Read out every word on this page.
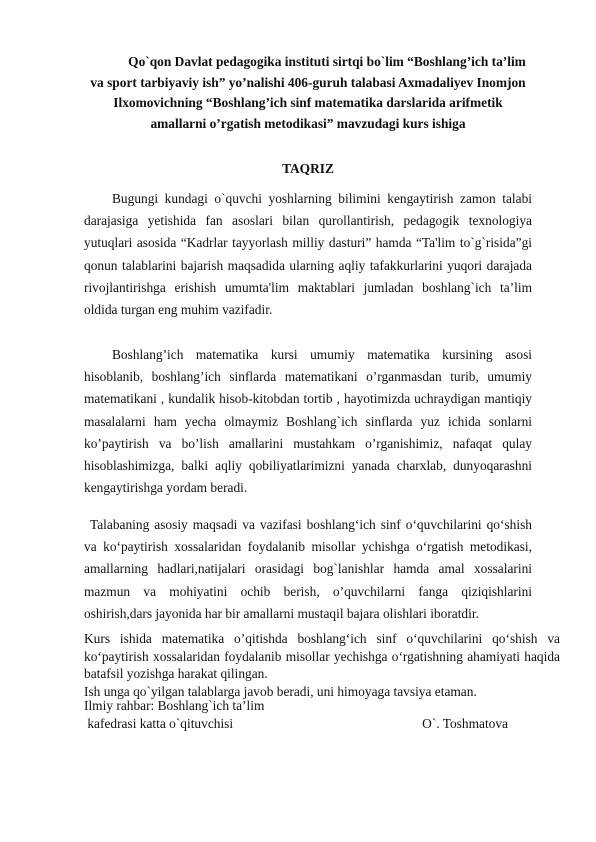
Qo`qon Davlat pedagogika instituti sirtqi bo`lim “Boshlang’ich ta’lim
va sport tarbiyaviy ish” yo’nalishi 406-guruh talabasi Axmadaliyev Inomjon
Ilxomovichning “Boshlang’ich sinf matematika darslarida arifmetik
amallarni o’rgatish metodikasi” mavzudagi kurs ishiga
TAQRIZ
Bugungi kundagi o`quvchi yoshlarning bilimini kengaytirish zamon talabi
darajasiga yetishida fan asoslari bilan qurollantirish, pedagogik texnologiya
yutuqlari asosida “Kadrlar tayyorlash milliy dasturi” hamda “Ta'lim to`g`risida”gi
qonun talablarini bajarish maqsadida ularning aqliy tafakkurlarini yuqori darajada
rivojlantirishga erishish umumta'lim maktablari jumladan boshlang`ich ta’lim
oldida turgan eng muhim vazifadir.
Boshlang’ich matematika kursi umumiy matematika kursining asosi
hisoblanib, boshlang’ich sinflarda matematikani o’rganmasdan turib, umumiy
matematikani , kundalik hisob-kitobdan tortib , hayotimizda uchraydigan mantiqiy
masalalarni ham yecha olmaymiz Boshlang`ich sinflarda yuz ichida sonlarni
ko’paytirish va bo’lish amallarini mustahkam o’rganishimiz, nafaqat qulay
hisoblashimizga, balki aqliy qobiliyatlarimizni yanada charxlab, dunyoqarashni
kengaytirishga yordam beradi.
Talabaning asosiy maqsadi va vazifasi boshlang‘ich sinf o‘quvchilarini qo‘shish
va ko‘paytirish xossalaridan foydalanib misollar ychishga o‘rgatish metodikasi,
amallarning hadlari,natijalari orasidagi bog`lanishlar hamda amal xossalarini
mazmun va mohiyatini ochib berish, o’quvchilarni fanga qiziqishlarini
oshirish,dars jayonida har bir amallarni mustaqil bajara olishlari iboratdir.
Kurs ishida matematika o’qitishda boshlang‘ich sinf o‘quvchilarini qo‘shish va
ko‘paytirish xossalaridan foydalanib misollar yechishga o‘rgatishning ahamiyati haqida
batafsil yozishga harakat qilingan.
Ish unga qo`yilgan talablarga javob beradi, uni himoyaga tavsiya etaman.
Ilmiy rahbar: Boshlang`ich ta’lim
kafedrasi katta o`qituvchisi	O`. Toshmatova
